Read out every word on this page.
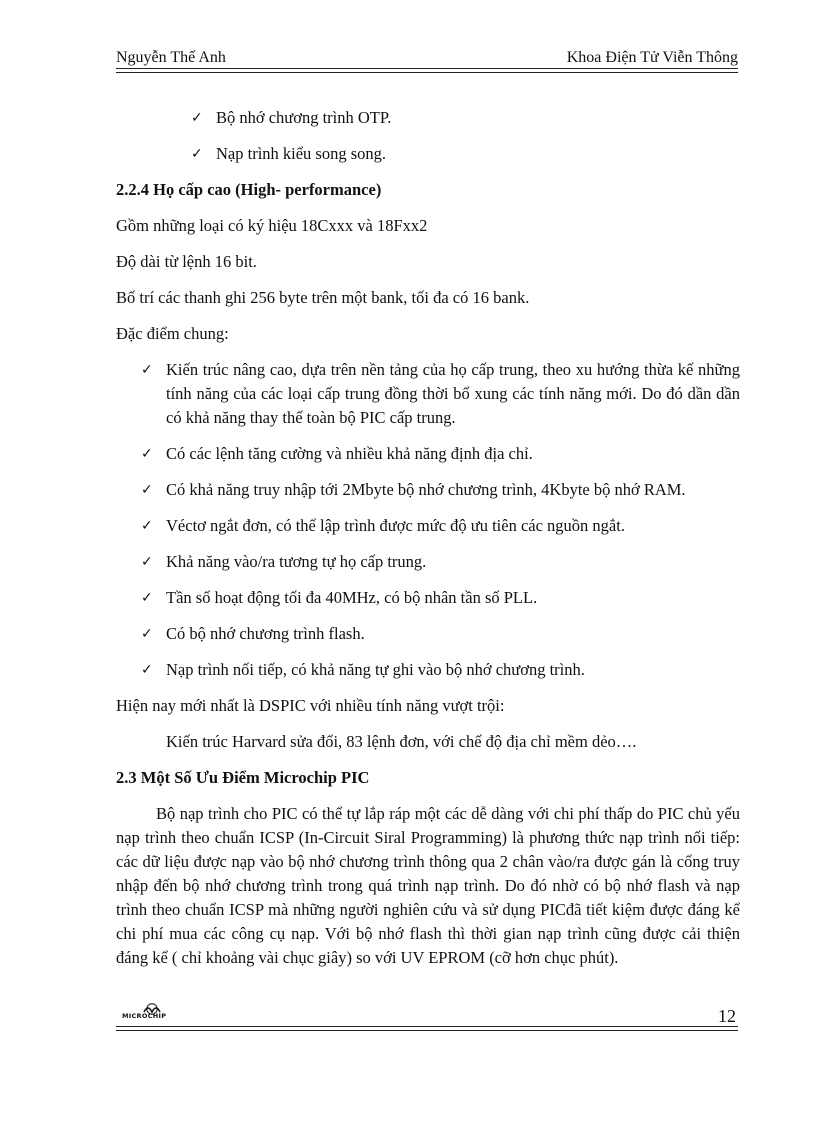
Nguyễn Thế Anh	Khoa Điện Tử Viễn Thông

✓ Bộ nhớ chương trình OTP.

✓ Nạp trình kiểu song song.

2.2.4 Họ cấp cao (High- performance)

Gồm những loại có ký hiệu 18Cxxx và 18Fxx2

Độ dài từ lệnh 16 bit.

Bố trí các thanh ghi 256 byte trên một bank, tối đa có 16 bank.

Đặc điểm chung:

✓ Kiến trúc nâng cao, dựa trên nền tảng của họ cấp trung, theo xu hướng thừa kế những tính năng của các loại cấp trung đồng thời bổ xung các tính năng mới. Do đó dần dần có khả năng thay thế toàn bộ PIC cấp trung.

✓ Có các lệnh tăng cường và nhiều khả năng định địa chỉ.

✓ Có khả năng truy nhập tới 2Mbyte bộ nhớ chương trình, 4Kbyte bộ nhớ RAM.

✓ Véctơ ngắt đơn, có thể lập trình được mức độ ưu tiên các nguồn ngắt.

✓ Khả năng vào/ra tương tự họ cấp trung.

✓ Tần số hoạt động tối đa 40MHz, có bộ nhân tần số PLL.

✓ Có bộ nhớ chương trình flash.

✓ Nạp trình nối tiếp, có khả năng tự ghi vào bộ nhớ chương trình.

Hiện nay mới nhất là DSPIC với nhiều tính năng vượt trội:

Kiến trúc Harvard sửa đổi, 83 lệnh đơn, với chế độ địa chỉ mềm dẻo….

2.3 Một Số Ưu Điểm Microchip PIC

Bộ nạp trình cho PIC có thể tự lắp ráp một các dễ dàng với chi phí thấp do PIC chủ yếu nạp trình theo chuẩn ICSP (In-Circuit Siral Programming) là phương thức nạp trình nối tiếp: các dữ liệu được nạp vào bộ nhớ chương trình thông qua 2 chân vào/ra được gán là cổng truy nhập đến bộ nhớ chương trình trong quá trình nạp trình. Do đó nhờ có bộ nhớ flash và nạp trình theo chuẩn ICSP mà những người nghiên cứu và sử dụng PICđã tiết kiệm được đáng kể chi phí mua các công cụ nạp. Với bộ nhớ flash thì thời gian nạp trình cũng được cải thiện đáng kể ( chỉ khoảng vài chục giây) so với UV EPROM (cỡ hơn chục phút).

MICROCHIP	12
